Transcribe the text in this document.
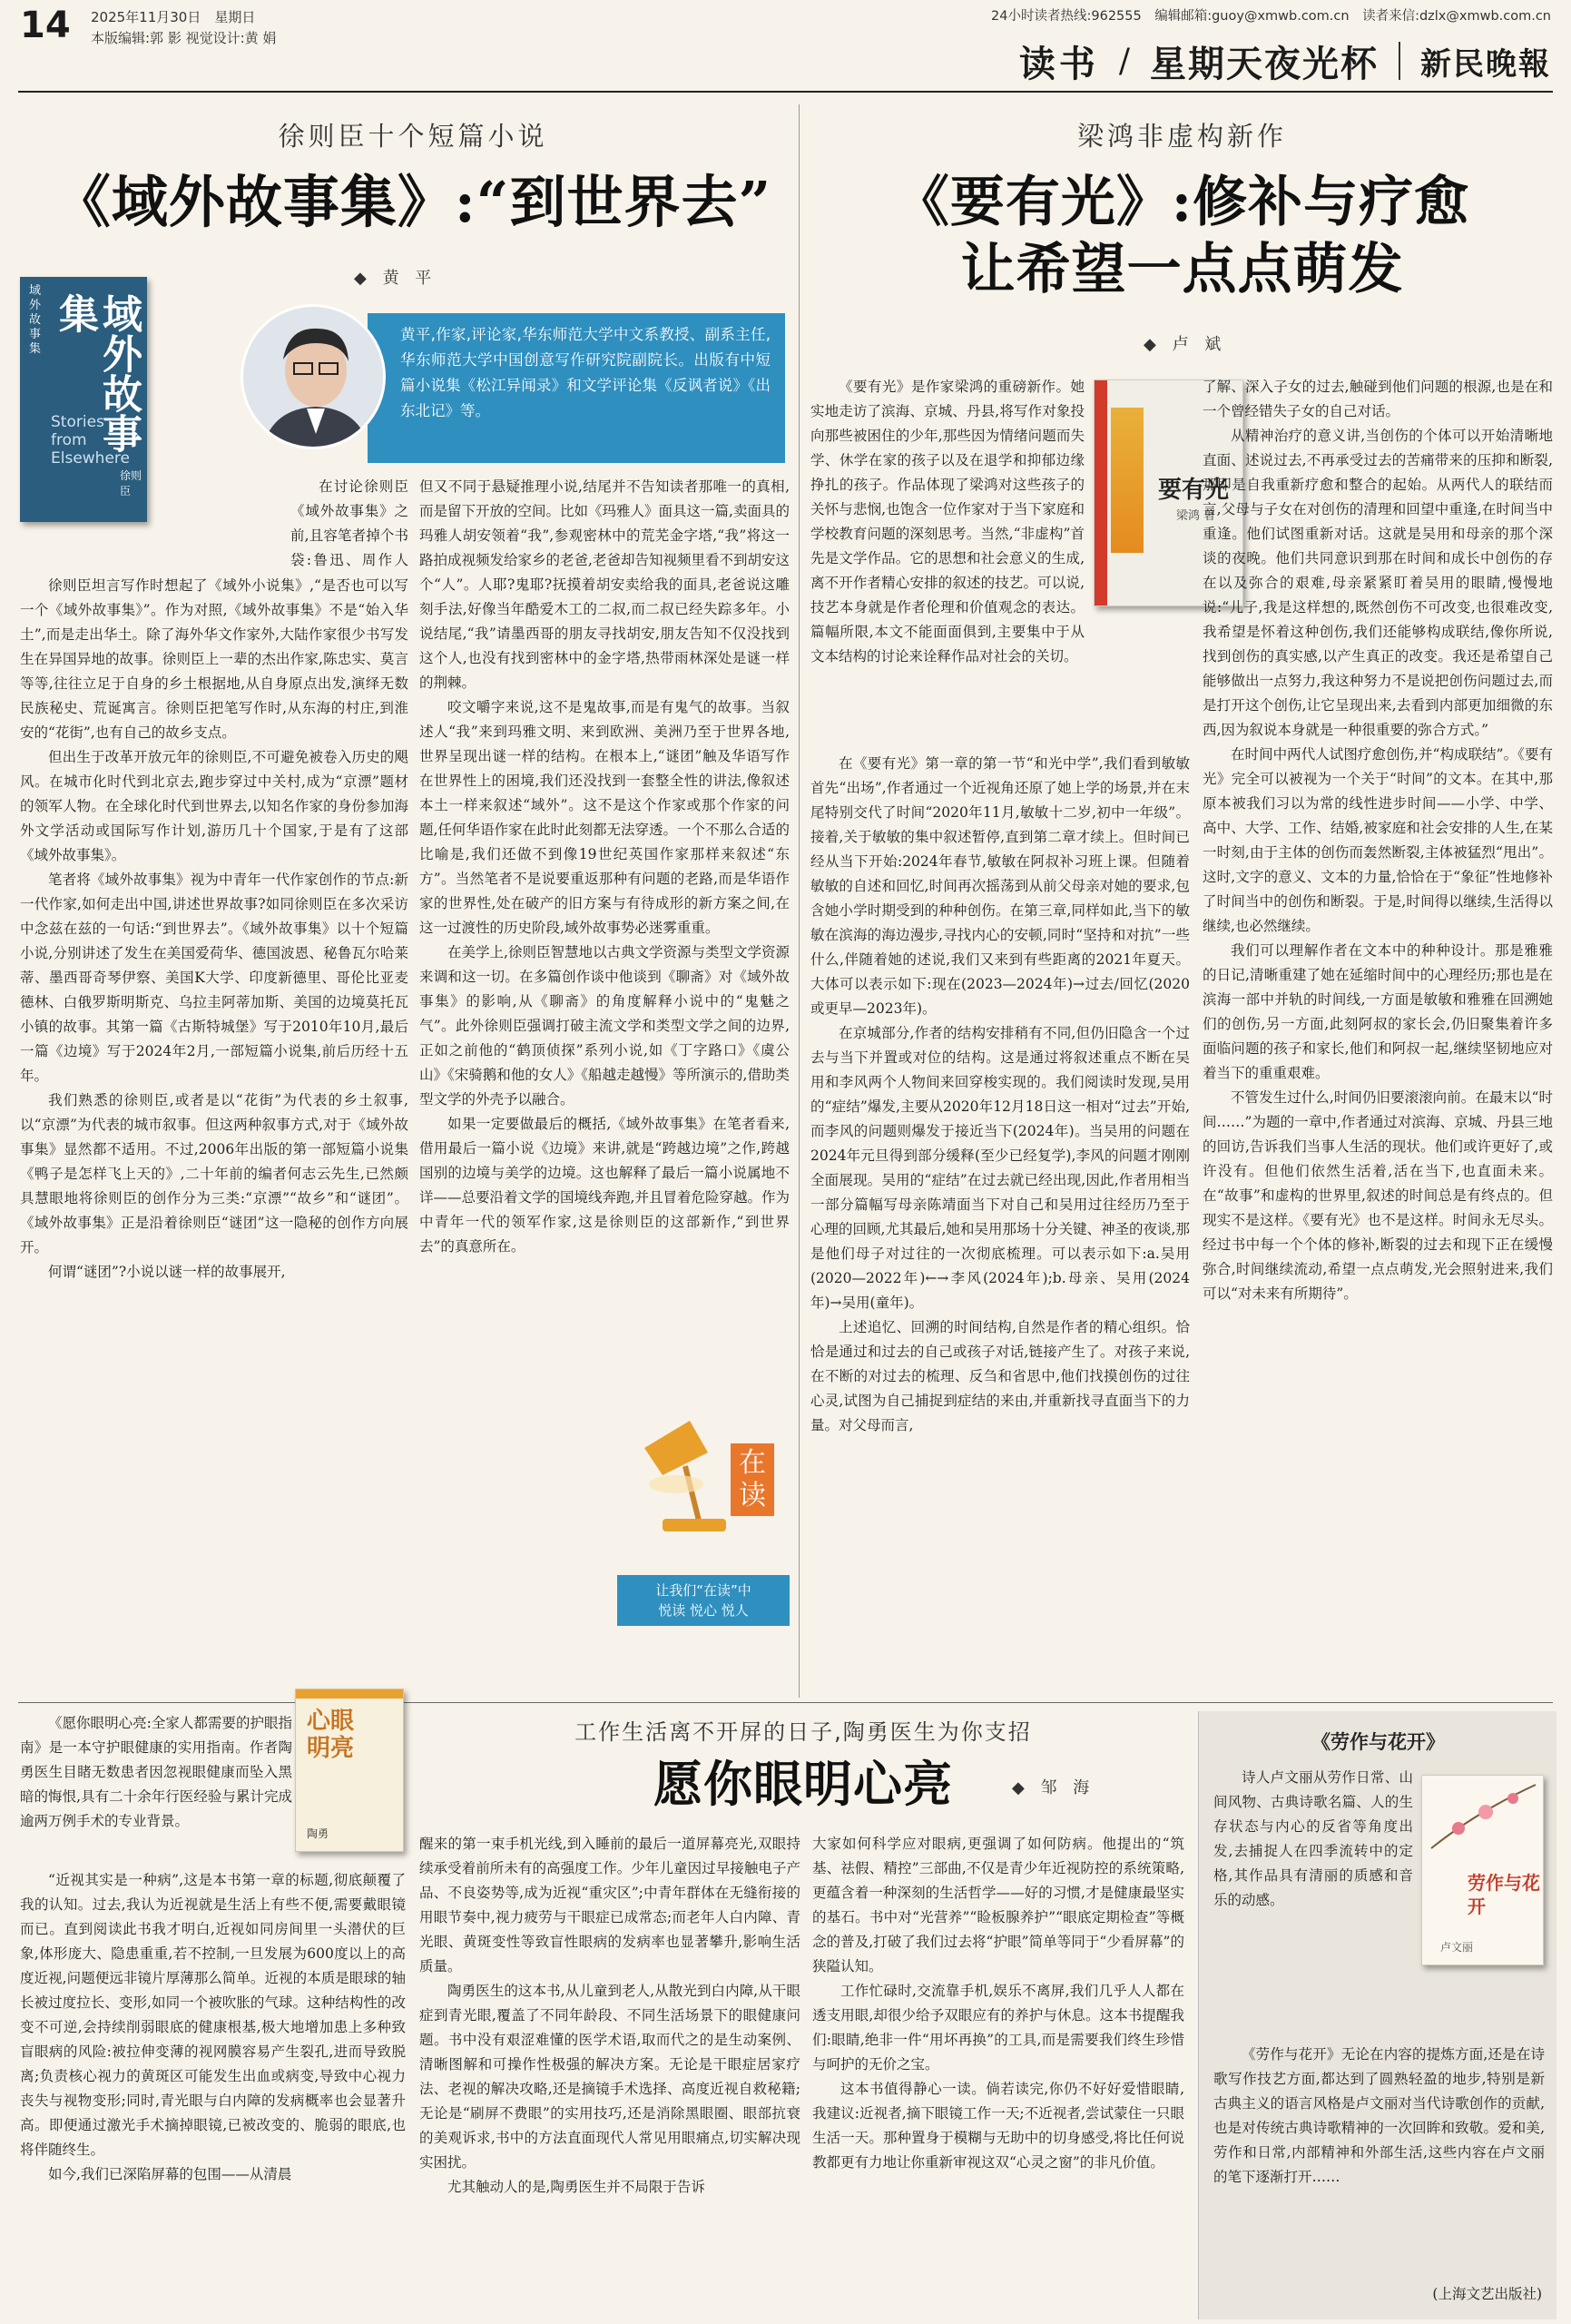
14 2025年11月30日　星期日
本版编辑:郭 影 视觉设计:黄 娟
24小时读者热线:962555　编辑邮箱:guoy@xmwb.com.cn　读者来信:dzlx@xmwb.com.cn
读书 / 星期天夜光杯 新民晚報
徐则臣十个短篇小说
《域外故事集》:“到世界去”
◆ 黄 平
域外故事集	域外故事集
Stories from Elsewhere
徐则臣
黄平,作家,评论家,华东师范大学中文系教授、副系主任,华东师范大学中国创意写作研究院副院长。出版有中短篇小说集《松江异闻录》和文学评论集《反讽者说》《出东北记》等。

在讨论徐则臣《域外故事集》之前,且容笔者掉个书袋:鲁迅、周作人

徐则臣坦言写作时想起了《域外小说集》,“是否也可以写一个《域外故事集》”。作为对照,《域外故事集》不是“始入华土”,而是走出华土。除了海外华文作家外,大陆作家很少书写发生在异国异地的故事。徐则臣上一辈的杰出作家,陈忠实、莫言等等,往往立足于自身的乡土根据地,从自身原点出发,演绎无数民族秘史、荒诞寓言。徐则臣把笔写作时,从东海的村庄,到淮安的“花街”,也有自己的故乡支点。

但出生于改革开放元年的徐则臣,不可避免被卷入历史的飓风。在城市化时代到北京去,跑步穿过中关村,成为“京漂”题材的领军人物。在全球化时代到世界去,以知名作家的身份参加海外文学活动或国际写作计划,游历几十个国家,于是有了这部《域外故事集》。

笔者将《域外故事集》视为中青年一代作家创作的节点:新一代作家,如何走出中国,讲述世界故事?如同徐则臣在多次采访中念兹在兹的一句话:“到世界去”。《域外故事集》以十个短篇小说,分别讲述了发生在美国爱荷华、德国波恩、秘鲁瓦尔哈莱蒂、墨西哥奇琴伊察、美国K大学、印度新德里、哥伦比亚麦德林、白俄罗斯明斯克、乌拉圭阿蒂加斯、美国的边境莫托瓦小镇的故事。其第一篇《古斯特城堡》写于2010年10月,最后一篇《边境》写于2024年2月,一部短篇小说集,前后历经十五年。

我们熟悉的徐则臣,或者是以“花街”为代表的乡土叙事,以“京漂”为代表的城市叙事。但这两种叙事方式,对于《域外故事集》显然都不适用。不过,2006年出版的第一部短篇小说集《鸭子是怎样飞上天的》,二十年前的编者何志云先生,已然颇具慧眼地将徐则臣的创作分为三类:“京漂”“故乡”和“谜团”。《域外故事集》正是沿着徐则臣“谜团”这一隐秘的创作方向展开。

何谓“谜团”?小说以谜一样的故事展开,

但又不同于悬疑推理小说,结尾并不告知读者那唯一的真相,而是留下开放的空间。比如《玛雅人》面具这一篇,卖面具的玛雅人胡安领着“我”,参观密林中的荒芜金字塔,“我”将这一路拍成视频发给家乡的老爸,老爸却告知视频里看不到胡安这个“人”。人耶?鬼耶?抚摸着胡安卖给我的面具,老爸说这雕刻手法,好像当年酷爱木工的二叔,而二叔已经失踪多年。小说结尾,“我”请墨西哥的朋友寻找胡安,朋友告知不仅没找到这个人,也没有找到密林中的金字塔,热带雨林深处是谜一样的荆棘。

咬文嚼字来说,这不是鬼故事,而是有鬼气的故事。当叙述人“我”来到玛雅文明、来到欧洲、美洲乃至于世界各地,世界呈现出谜一样的结构。在根本上,“谜团”触及华语写作在世界性上的困境,我们还没找到一套整全性的讲法,像叙述本土一样来叙述“域外”。这不是这个作家或那个作家的问题,任何华语作家在此时此刻都无法穿透。一个不那么合适的比喻是,我们还做不到像19世纪英国作家那样来叙述“东方”。当然笔者不是说要重返那种有问题的老路,而是华语作家的世界性,处在破产的旧方案与有待成形的新方案之间,在这一过渡性的历史阶段,域外故事势必迷雾重重。

在美学上,徐则臣智慧地以古典文学资源与类型文学资源来调和这一切。在多篇创作谈中他谈到《聊斋》对《域外故事集》的影响,从《聊斋》的角度解释小说中的“鬼魅之气”。此外徐则臣强调打破主流文学和类型文学之间的边界,正如之前他的“鹤顶侦探”系列小说,如《丁字路口》《虞公山》《宋骑鹅和他的女人》《船越走越慢》等所演示的,借助类型文学的外壳予以融合。

如果一定要做最后的概括,《域外故事集》在笔者看来,借用最后一篇小说《边境》来讲,就是“跨越边境”之作,跨越国别的边境与美学的边境。这也解释了最后一篇小说属地不详——总要沿着文学的国境线奔跑,并且冒着危险穿越。作为中青年一代的领军作家,这是徐则臣的这部新作,“到世界去”的真意所在。

在读
让我们“在读”中
悦读 悦心 悦人
梁鸿非虚构新作
《要有光》:修补与疗愈
让希望一点点萌发
◆ 卢 斌
要有光
梁鸿 著

《要有光》是作家梁鸿的重磅新作。她实地走访了滨海、京城、丹县,将写作对象投向那些被困住的少年,那些因为情绪问题而失学、休学在家的孩子以及在退学和抑郁边缘挣扎的孩子。作品体现了梁鸿对这些孩子的关怀与悲悯,也饱含一位作家对于当下家庭和学校教育问题的深刻思考。当然,“非虚构”首先是文学作品。它的思想和社会意义的生成,离不开作者精心安排的叙述的技艺。可以说,技艺本身就是作者伦理和价值观念的表达。篇幅所限,本文不能面面俱到,主要集中于从文本结构的讨论来诠释作品对社会的关切。

在《要有光》第一章的第一节“和光中学”,我们看到敏敏首先“出场”,作者通过一个近视角还原了她上学的场景,并在末尾特别交代了时间“2020年11月,敏敏十二岁,初中一年级”。接着,关于敏敏的集中叙述暂停,直到第二章才续上。但时间已经从当下开始:2024年春节,敏敏在阿叔补习班上课。但随着敏敏的自述和回忆,时间再次摇荡到从前父母亲对她的要求,包含她小学时期受到的种种创伤。在第三章,同样如此,当下的敏敏在滨海的海边漫步,寻找内心的安顿,同时“坚持和对抗”一些什么,伴随着她的述说,我们又来到有些距离的2021年夏天。大体可以表示如下:现在(2023—2024年)→过去/回忆(2020或更早—2023年)。

在京城部分,作者的结构安排稍有不同,但仍旧隐含一个过去与当下并置或对位的结构。这是通过将叙述重点不断在吴用和李风两个人物间来回穿梭实现的。我们阅读时发现,吴用的“症结”爆发,主要从2020年12月18日这一相对“过去”开始,而李风的问题则爆发于接近当下(2024年)。当吴用的问题在2024年元旦得到部分缓释(至少已经复学),李风的问题才刚刚全面展现。吴用的“症结”在过去就已经出现,因此,作者用相当一部分篇幅写母亲陈靖面当下对自己和吴用过往经历乃至于心理的回顾,尤其最后,她和吴用那场十分关键、神圣的夜谈,那是他们母子对过往的一次彻底梳理。可以表示如下:a.吴用(2020—2022年)←→李风(2024年);b.母亲、吴用(2024年)→吴用(童年)。

上述追忆、回溯的时间结构,自然是作者的精心组织。恰恰是通过和过去的自己或孩子对话,链接产生了。对孩子来说,在不断的对过去的梳理、反刍和省思中,他们找摸创伤的过往心灵,试图为自己捕捉到症结的来由,并重新找寻直面当下的力量。对父母而言,

了解、深入子女的过去,触碰到他们问题的根源,也是在和一个曾经错失子女的自己对话。

从精神治疗的意义讲,当创伤的个体可以开始清晰地直面、述说过去,不再承受过去的苦痛带来的压抑和断裂,那即是自我重新疗愈和整合的起始。从两代人的联结而言,父母与子女在对创伤的清理和回望中重逢,在时间当中重逢。他们试图重新对话。这就是吴用和母亲的那个深谈的夜晚。他们共同意识到那在时间和成长中创伤的存在以及弥合的艰难,母亲紧紧盯着吴用的眼睛,慢慢地说:“儿子,我是这样想的,既然创伤不可改变,也很难改变,我希望是怀着这种创伤,我们还能够构成联结,像你所说,找到创伤的真实感,以产生真正的改变。我还是希望自己能够做出一点努力,我这种努力不是说把创伤问题过去,而是打开这个创伤,让它呈现出来,去看到内部更加细微的东西,因为叙说本身就是一种很重要的弥合方式。”

在时间中两代人试图疗愈创伤,并“构成联结”。《要有光》完全可以被视为一个关于“时间”的文本。在其中,那原本被我们习以为常的线性进步时间——小学、中学、高中、大学、工作、结婚,被家庭和社会安排的人生,在某一时刻,由于主体的创伤而轰然断裂,主体被猛烈“甩出”。这时,文字的意义、文本的力量,恰恰在于“象征”性地修补了时间当中的创伤和断裂。于是,时间得以继续,生活得以继续,也必然继续。

我们可以理解作者在文本中的种种设计。那是雅雅的日记,清晰重建了她在延缩时间中的心理经历;那也是在滨海一部中并轨的时间线,一方面是敏敏和雅雅在回溯她们的创伤,另一方面,此刻阿叔的家长会,仍旧聚集着许多面临问题的孩子和家长,他们和阿叔一起,继续坚韧地应对着当下的重重艰难。

不管发生过什么,时间仍旧要滚滚向前。在最末以“时间……”为题的一章中,作者通过对滨海、京城、丹县三地的回访,告诉我们当事人生活的现状。他们或许更好了,或许没有。但他们依然生活着,活在当下,也直面未来。在“故事”和虚构的世界里,叙述的时间总是有终点的。但现实不是这样。《要有光》也不是这样。时间永无尽头。经过书中每一个个体的修补,断裂的过去和现下正在缓慢弥合,时间继续流动,希望一点点萌发,光会照射进来,我们可以“对未来有所期待”。

《愿你眼明心亮:全家人都需要的护眼指南》是一本守护眼健康的实用指南。作者陶勇医生目睹无数患者因忽视眼健康而坠入黑暗的悔恨,具有二十余年行医经验与累计完成逾两万例手术的专业背景。

心眼明亮
陶勇
工作生活离不开屏的日子,陶勇医生为你支招
愿你眼明心亮	◆ 邹 海

“近视其实是一种病”,这是本书第一章的标题,彻底颠覆了我的认知。过去,我认为近视就是生活上有些不便,需要戴眼镜而已。直到阅读此书我才明白,近视如同房间里一头潜伏的巨象,体形庞大、隐患重重,若不控制,一旦发展为600度以上的高度近视,问题便远非镜片厚薄那么简单。近视的本质是眼球的轴长被过度拉长、变形,如同一个被吹胀的气球。这种结构性的改变不可逆,会持续削弱眼底的健康根基,极大地增加患上多种致盲眼病的风险:被拉伸变薄的视网膜容易产生裂孔,进而导致脱离;负责核心视力的黄斑区可能发生出血或病变,导致中心视力丧失与视物变形;同时,青光眼与白内障的发病概率也会显著升高。即便通过激光手术摘掉眼镜,已被改变的、脆弱的眼底,也将伴随终生。

如今,我们已深陷屏幕的包围——从清晨

醒来的第一束手机光线,到入睡前的最后一道屏幕亮光,双眼持续承受着前所未有的高强度工作。少年儿童因过早接触电子产品、不良姿势等,成为近视“重灾区”;中青年群体在无缝衔接的用眼节奏中,视力疲劳与干眼症已成常态;而老年人白内障、青光眼、黄斑变性等致盲性眼病的发病率也显著攀升,影响生活质量。

陶勇医生的这本书,从儿童到老人,从散光到白内障,从干眼症到青光眼,覆盖了不同年龄段、不同生活场景下的眼健康问题。书中没有艰涩难懂的医学术语,取而代之的是生动案例、清晰图解和可操作性极强的解决方案。无论是干眼症居家疗法、老视的解决攻略,还是摘镜手术选择、高度近视自救秘籍;无论是“刷屏不费眼”的实用技巧,还是消除黑眼圈、眼部抗衰的美观诉求,书中的方法直面现代人常见用眼痛点,切实解决现实困扰。

尤其触动人的是,陶勇医生并不局限于告诉

大家如何科学应对眼病,更强调了如何防病。他提出的“筑基、祛假、精控”三部曲,不仅是青少年近视防控的系统策略,更蕴含着一种深刻的生活哲学——好的习惯,才是健康最坚实的基石。书中对“光营养”“睑板腺养护”“眼底定期检查”等概念的普及,打破了我们过去将“护眼”简单等同于“少看屏幕”的狭隘认知。

工作忙碌时,交流靠手机,娱乐不离屏,我们几乎人人都在透支用眼,却很少给予双眼应有的养护与休息。这本书提醒我们:眼睛,绝非一件“用坏再换”的工具,而是需要我们终生珍惜与呵护的无价之宝。

这本书值得静心一读。倘若读完,你仍不好好爱惜眼睛,我建议:近视者,摘下眼镜工作一天;不近视者,尝试蒙住一只眼生活一天。那种置身于模糊与无助中的切身感受,将比任何说教都更有力地让你重新审视这双“心灵之窗”的非凡价值。

《劳作与花开》

诗人卢文丽从劳作日常、山间风物、古典诗歌名篇、人的生存状态与内心的反省等角度出发,去捕捉人在四季流转中的定格,其作品具有清丽的质感和音乐的动感。

劳作与花开
卢文丽

《劳作与花开》无论在内容的提炼方面,还是在诗歌写作技艺方面,都达到了圆熟轻盈的地步,特别是新古典主义的语言风格是卢文丽对当代诗歌创作的贡献,也是对传统古典诗歌精神的一次回眸和致敬。爱和美,劳作和日常,内部精神和外部生活,这些内容在卢文丽的笔下逐渐打开……

(上海文艺出版社)
